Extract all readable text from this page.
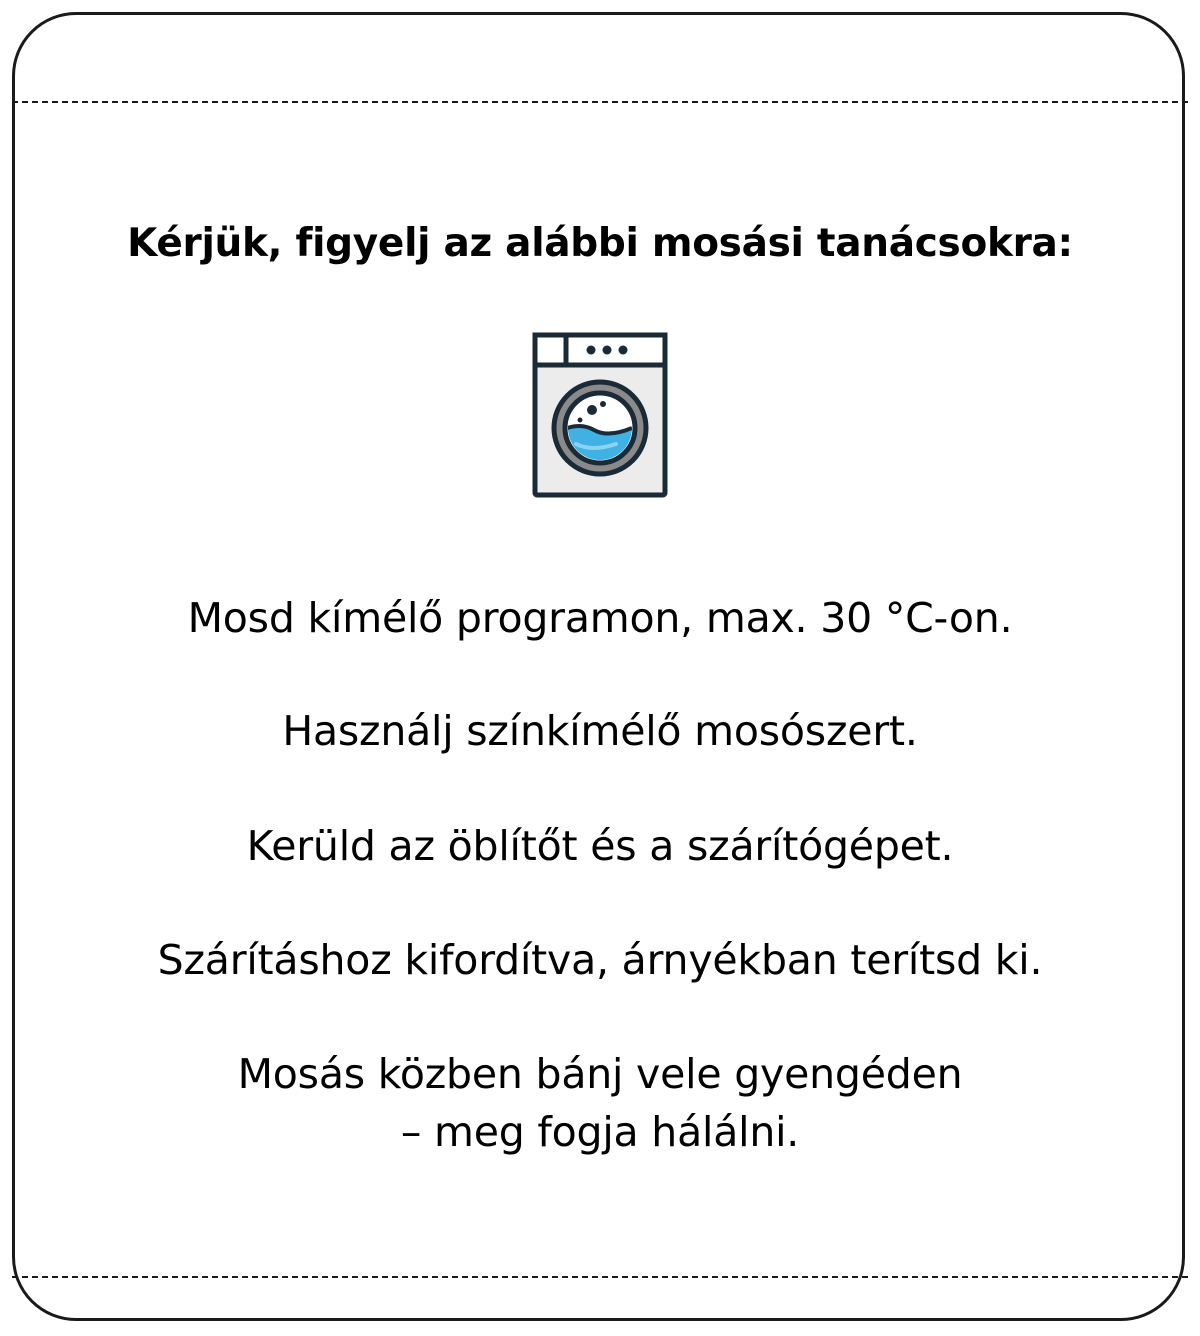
Kérjük, figyelj az alábbi mosási tanácsokra:
Mosd kímélő programon, max. 30 °C-on.
Használj színkímélő mosószert.
Kerüld az öblítőt és a szárítógépet.
Szárításhoz kifordítva, árnyékban terítsd ki.
Mosás közben bánj vele gyengéden
– meg fogja hálálni.
